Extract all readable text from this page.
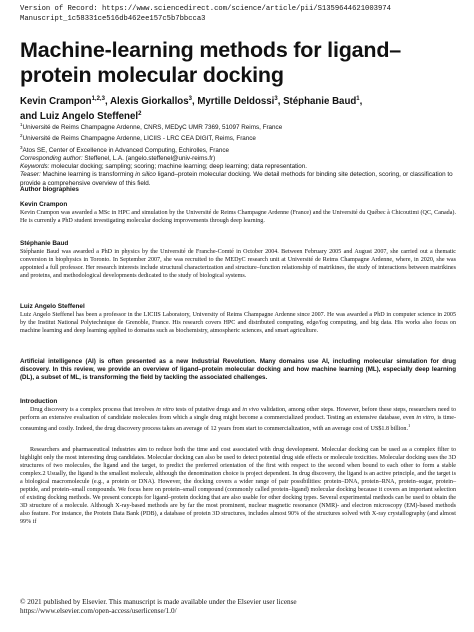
Version of Record: https://www.sciencedirect.com/science/article/pii/S1359644621003974
Manuscript_1c58331ce516db462ee157c5b7bbcca3
Machine-learning methods for ligand–protein molecular docking
Kevin Crampon$^{1,2,3}$, Alexis Giorkallos$^3$, Myrtille Deldossi$^3$, Stéphanie Baud$^1$,
and Luiz Angelo Steffenel$^2$
$^1$Université de Reims Champagne Ardenne, CNRS, MEDyC UMR 7369, 51097 Reims, France
$^2$Université de Reims Champagne Ardenne, LICIIS - LRC CEA DIGIT, Reims, France
$^3$Atos SE, Center of Excellence in Advanced Computing, Echirolles, France
Corresponding author: Steffenel, L.A. (angelo.steffenel@univ-reims.fr)
Keywords: molecular docking; sampling; scoring; machine learning; deep learning; data representation.
Teaser: Machine learning is transforming in silico ligand–protein molecular docking. We detail methods for binding site detection, scoring, or classification to provide a comprehensive overview of this field.
Author biographies
Kevin Crampon
Kevin Crampon was awarded a MSc in HPC and simulation by the Université de Reims Champagne Ardenne (France) and the Université du Québec à Chicoutimi (QC, Canada). He is currently a PhD student investigating molecular docking improvements through deep learning.
Stéphanie Baud
Stéphanie Baud was awarded a PhD in physics by the Université de Franche-Comté in October 2004. Between February 2005 and August 2007, she carried out a thematic conversion in biophysics in Toronto. In September 2007, she was recruited to the MEDyC research unit at Université de Reims Champagne Ardenne, where, in 2020, she was appointed a full professor. Her research interests include structural characterization and structure–function relationship of matrikines, the study of interactions between matrikines and proteins, and methodological developments dedicated to the study of biological systems.
Luiz Angelo Steffenel
Luiz Angelo Steffenel has been a professor in the LICIIS Laboratory, University of Reims Champagne Ardenne since 2007. He was awarded a PhD in computer science in 2005 by the Institut National Polytechnique de Grenoble, France. His research covers HPC and distributed computing, edge/fog computing, and big data. His works also focus on machine learning and deep learning applied to domains such as biochemistry, atmospheric sciences, and smart agriculture.
Artificial intelligence (AI) is often presented as a new Industrial Revolution. Many domains use AI, including molecular simulation for drug discovery. In this review, we provide an overview of ligand–protein molecular docking and how machine learning (ML), especially deep learning (DL), a subset of ML, is transforming the field by tackling the associated challenges.
Introduction
Drug discovery is a complex process that involves in vitro tests of putative drugs and in vivo validation, among other steps. However, before these steps, researchers need to perform an extensive evaluation of candidate molecules from which a single drug might become a commercialized product. Testing an extensive database, even in vitro, is time-consuming and costly. Indeed, the drug discovery process takes an average of 12 years from start to commercialization, with an average cost of US$1.8 billion.$^1$
Researchers and pharmaceutical industries aim to reduce both the time and cost associated with drug development. Molecular docking can be used as a complex filter to highlight only the most interesting drug candidates. Molecular docking can also be used to detect potential drug side effects or molecule toxicities. Molecular docking uses the 3D structures of two molecules, the ligand and the target, to predict the preferred orientation of the first with respect to the second when bound to each other to form a stable complex.2 Usually, the ligand is the smallest molecule, although the denomination choice is project dependent. In drug discovery, the ligand is an active principle, and the target is a biological macromolecule (e.g., a protein or DNA). However, the docking covers a wider range of pair possibilities: protein–DNA, protein–RNA, protein–sugar, protein–peptide, and protein–small compounds. We focus here on protein–small compound (commonly called protein–ligand) molecular docking because it covers an important selection of existing docking methods. We present concepts for ligand–protein docking that are also usable for other docking types. Several experimental methods can be used to obtain the 3D structure of a molecule. Although X-ray-based methods are by far the most prominent, nuclear magnetic resonance (NMR)- and electron microscopy (EM)-based methods also feature. For instance, the Protein Data Bank (PDB), a database of protein 3D structures, includes almost 90% of the structures solved with X-ray crystallography (and almost 99% if
© 2021 published by Elsevier. This manuscript is made available under the Elsevier user license
https://www.elsevier.com/open-access/userlicense/1.0/
